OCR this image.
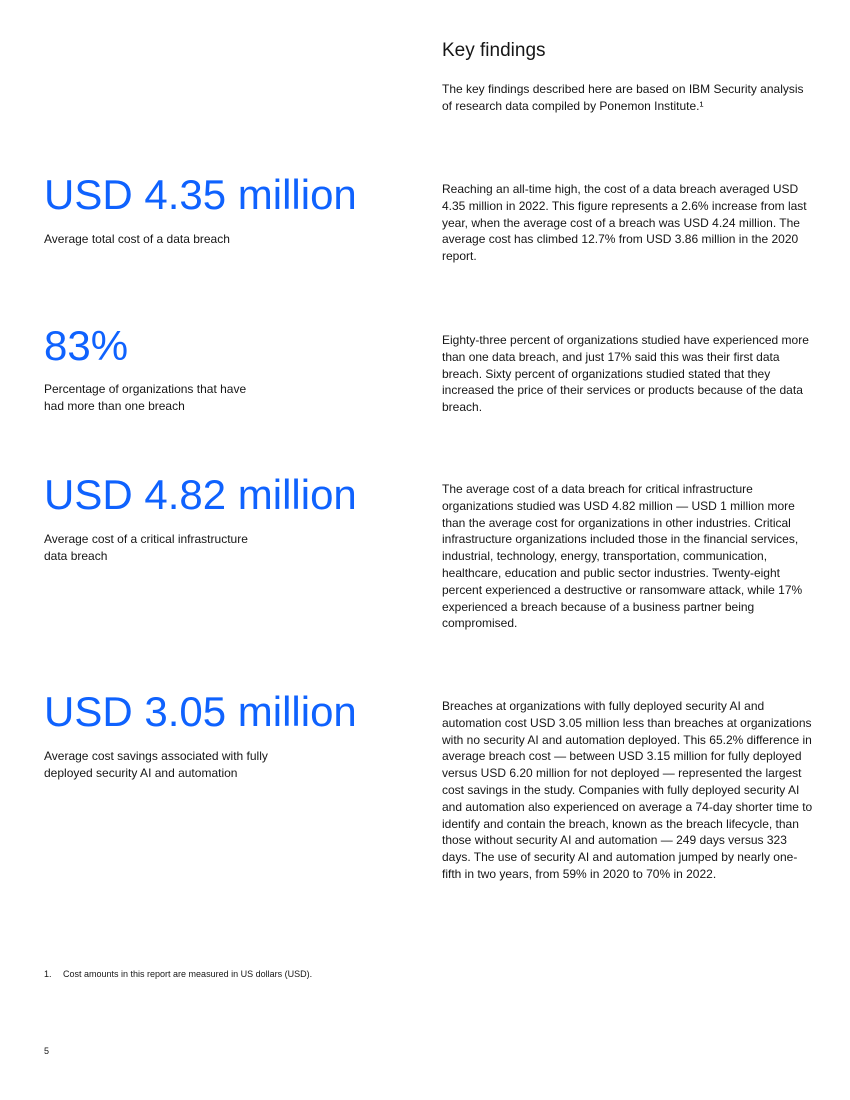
Key findings

The key findings described here are based on IBM Security analysis of research data compiled by Ponemon Institute.¹

USD 4.35 million

Average total cost of a data breach

Reaching an all-time high, the cost of a data breach averaged USD 4.35 million in 2022. This figure represents a 2.6% increase from last year, when the average cost of a breach was USD 4.24 million. The average cost has climbed 12.7% from USD 3.86 million in the 2020 report.

83%

Percentage of organizations that have had more than one breach

Eighty-three percent of organizations studied have experienced more than one data breach, and just 17% said this was their first data breach. Sixty percent of organizations studied stated that they increased the price of their services or products because of the data breach.

USD 4.82 million

Average cost of a critical infrastructure data breach

The average cost of a data breach for critical infrastructure organizations studied was USD 4.82 million — USD 1 million more than the average cost for organizations in other industries. Critical infrastructure organizations included those in the financial services, industrial, technology, energy, transportation, communication, healthcare, education and public sector industries. Twenty-eight percent experienced a destructive or ransomware attack, while 17% experienced a breach because of a business partner being compromised.

USD 3.05 million

Average cost savings associated with fully deployed security AI and automation

Breaches at organizations with fully deployed security AI and automation cost USD 3.05 million less than breaches at organizations with no security AI and automation deployed. This 65.2% difference in average breach cost — between USD 3.15 million for fully deployed versus USD 6.20 million for not deployed — represented the largest cost savings in the study. Companies with fully deployed security AI and automation also experienced on average a 74-day shorter time to identify and contain the breach, known as the breach lifecycle, than those without security AI and automation — 249 days versus 323 days. The use of security AI and automation jumped by nearly one-fifth in two years, from 59% in 2020 to 70% in 2022.

1. Cost amounts in this report are measured in US dollars (USD).

5
